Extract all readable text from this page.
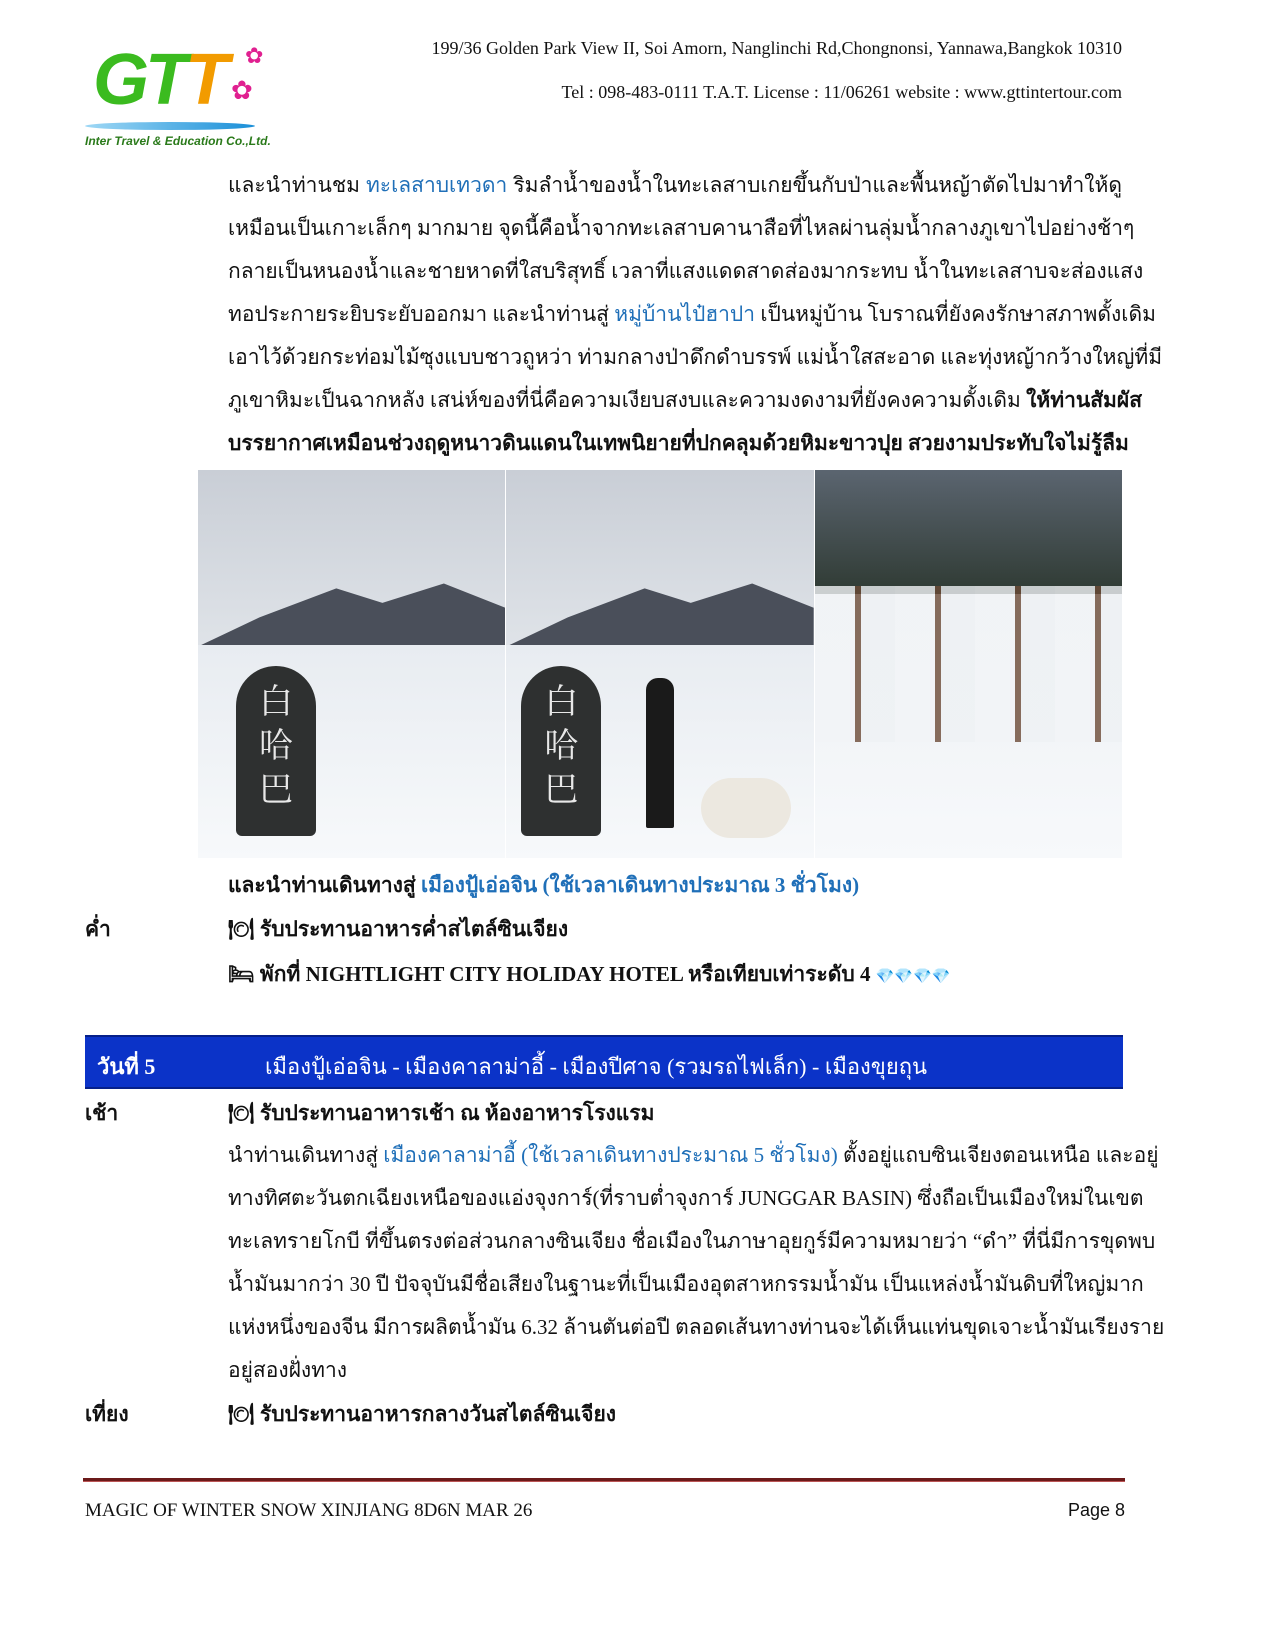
GTT ✿
✿
Inter Travel & Education Co.,Ltd.
199/36 Golden Park View II, Soi Amorn, Nanglinchi Rd,Chongnonsi, Yannawa,Bangkok 10310
Tel : 098-483-0111 T.A.T. License : 11/06261 website : www.gttintertour.com
และนำท่านชม ทะเลสาบเทวดา ริมลำน้ำของน้ำในทะเลสาบเกยขึ้นกับป่าและพื้นหญ้าตัดไปมาทำให้ดู
เหมือนเป็นเกาะเล็กๆ มากมาย จุดนี้คือน้ำจากทะเลสาบคานาสือที่ไหลผ่านลุ่มน้ำกลางภูเขาไปอย่างช้าๆ
กลายเป็นหนองน้ำและชายหาดที่ใสบริสุทธิ์ เวลาที่แสงแดดสาดส่องมากระทบ น้ำในทะเลสาบจะส่องแสง
ทอประกายระยิบระยับออกมา และนำท่านสู่ หมู่บ้านไป๋ฮาปา เป็นหมู่บ้าน โบราณที่ยังคงรักษาสภาพดั้งเดิม
เอาไว้ด้วยกระท่อมไม้ซุงแบบชาวถูหว่า ท่ามกลางป่าดึกดำบรรพ์ แม่น้ำใสสะอาด และทุ่งหญ้ากว้างใหญ่ที่มี
ภูเขาหิมะเป็นฉากหลัง เสน่ห์ของที่นี่คือความเงียบสงบและความงดงามที่ยังคงความดั้งเดิม ให้ท่านสัมผัส
บรรยากาศเหมือนช่วงฤดูหนาวดินแดนในเทพนิยายที่ปกคลุมด้วยหิมะขาวปุย สวยงามประทับใจไม่รู้ลืม
白哈巴
白哈巴
และนำท่านเดินทางสู่ เมืองปู้เอ่อจิน (ใช้เวลาเดินทางประมาณ 3 ชั่วโมง)
ค่ำ	🍽 รับประทานอาหารค่ำสไตล์ซินเจียง
🛏 พักที่ NIGHTLIGHT CITY HOLIDAY HOTEL หรือเทียบเท่าระดับ 4 💎💎💎💎
วันที่ 5	เมืองปู้เอ่อจิน - เมืองคาลาม่าอี้ - เมืองปีศาจ (รวมรถไฟเล็ก) - เมืองขุยถุน
เช้า	🍽 รับประทานอาหารเช้า ณ ห้องอาหารโรงแรม
นำท่านเดินทางสู่ เมืองคาลาม่าอี้ (ใช้เวลาเดินทางประมาณ 5 ชั่วโมง) ตั้งอยู่แถบซินเจียงตอนเหนือ และอยู่
ทางทิศตะวันตกเฉียงเหนือของแอ่งจุงการ์(ที่ราบต่ำจุงการ์ JUNGGAR BASIN) ซึ่งถือเป็นเมืองใหม่ในเขต
ทะเลทรายโกบี ที่ขึ้นตรงต่อส่วนกลางซินเจียง ชื่อเมืองในภาษาอุยกูร์มีความหมายว่า “ดำ” ที่นี่มีการขุดพบ
น้ำมันมากว่า 30 ปี ปัจจุบันมีชื่อเสียงในฐานะที่เป็นเมืองอุตสาหกรรมน้ำมัน เป็นแหล่งน้ำมันดิบที่ใหญ่มาก
แห่งหนึ่งของจีน มีการผลิตน้ำมัน 6.32 ล้านตันต่อปี ตลอดเส้นทางท่านจะได้เห็นแท่นขุดเจาะน้ำมันเรียงราย
อยู่สองฝั่งทาง
เที่ยง	🍽 รับประทานอาหารกลางวันสไตล์ซินเจียง
MAGIC OF WINTER SNOW XINJIANG 8D6N MAR 26	Page 8
